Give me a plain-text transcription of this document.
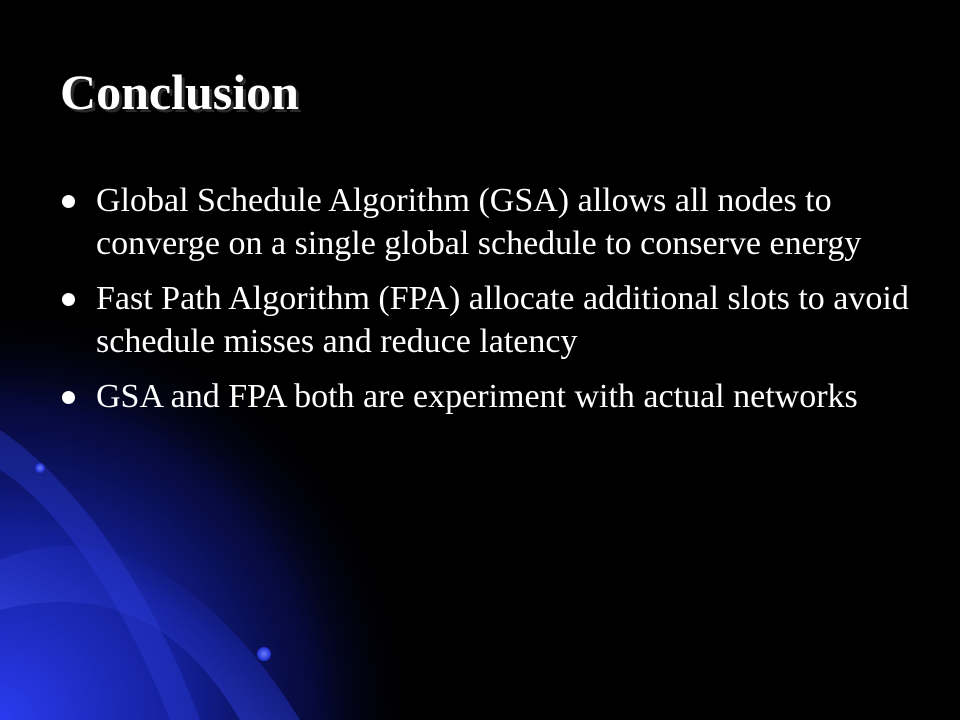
Conclusion
Global Schedule Algorithm (GSA) allows all nodes to converge on a single global schedule to conserve energy
Fast Path Algorithm (FPA) allocate additional slots to avoid schedule misses and reduce latency
GSA and FPA both are experiment with actual networks
